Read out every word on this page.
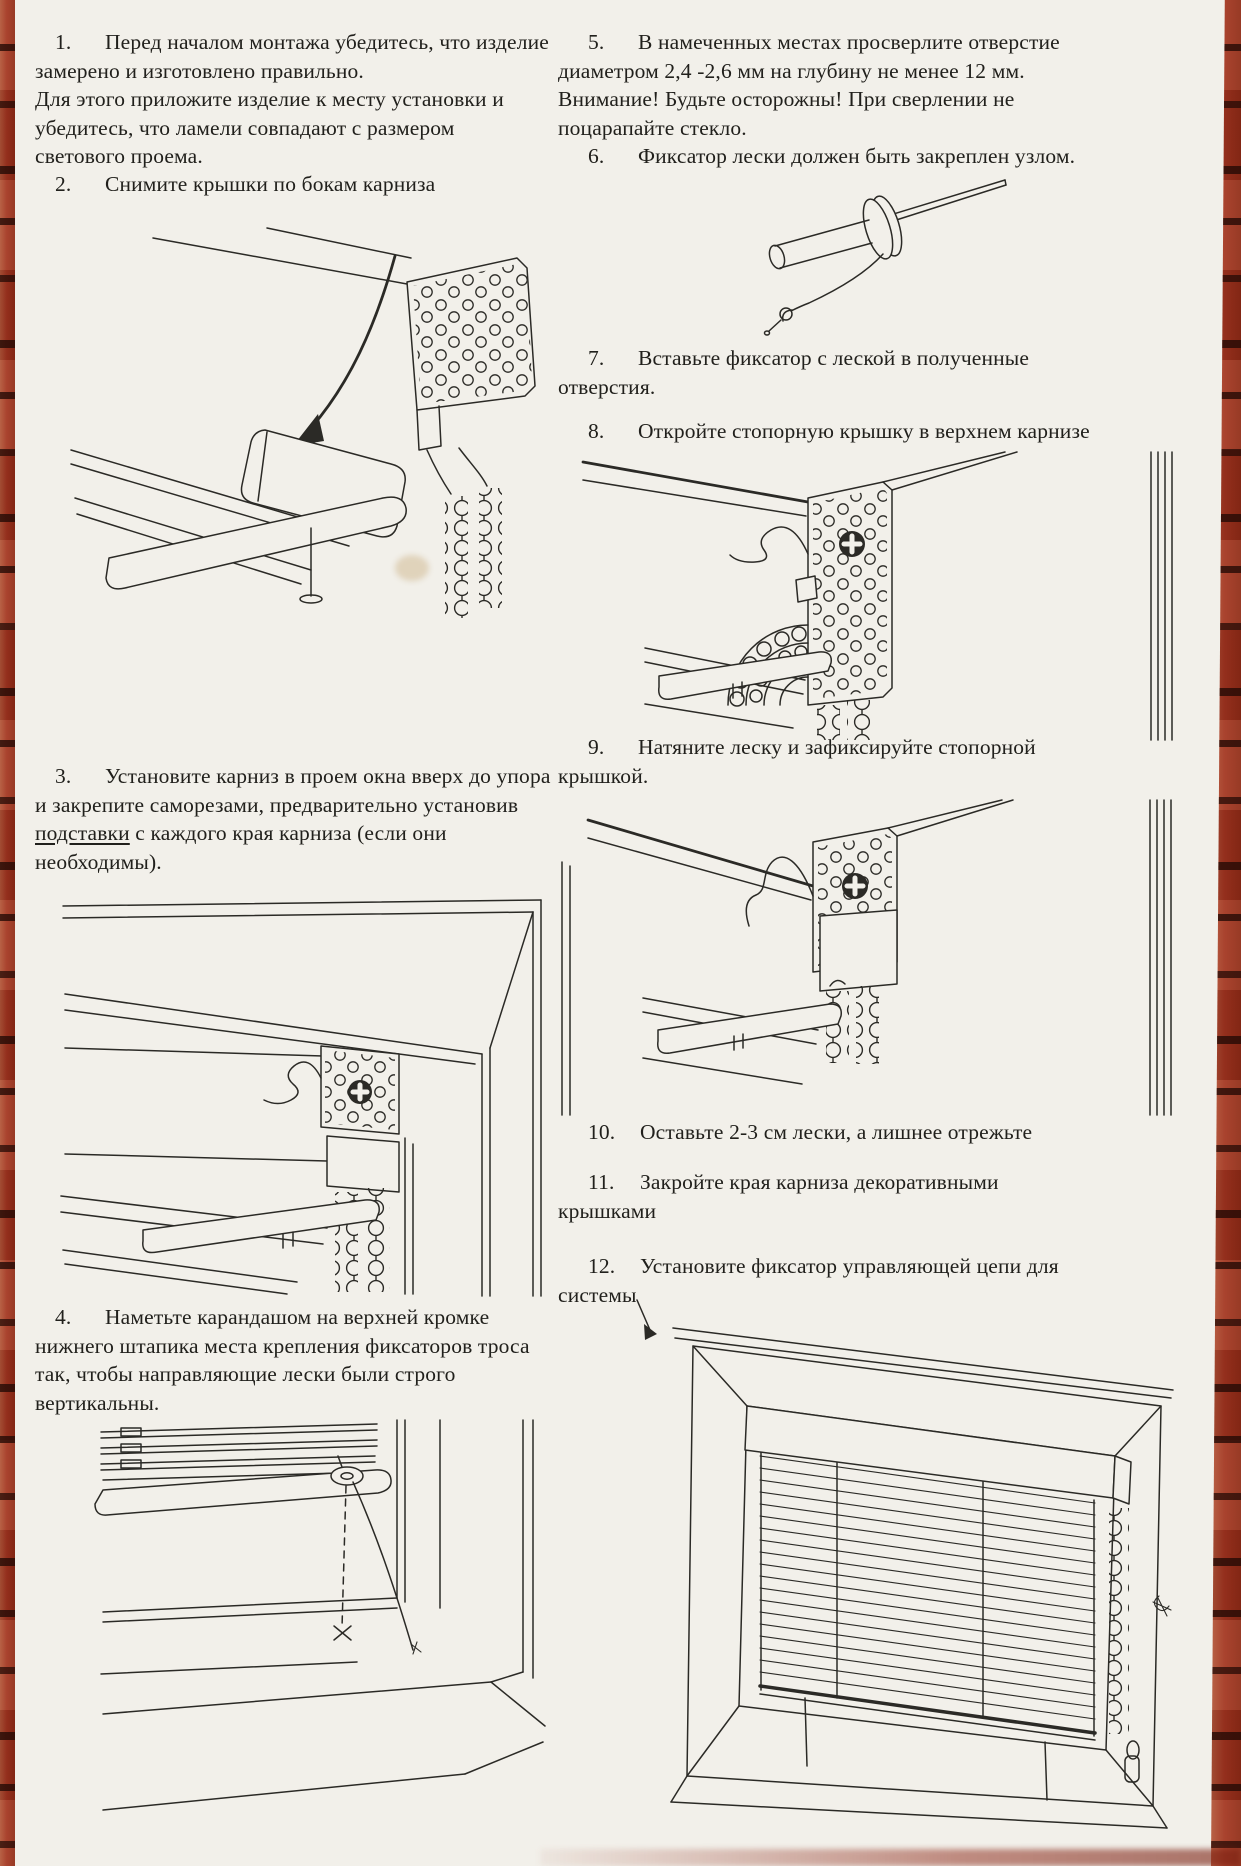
1. Перед началом монтажа убедитесь, что изделие
замерено и изготовлено правильно.
Для этого приложите изделие к месту установки и
убедитесь, что ламели совпадают с размером
светового проема.
2. Снимите крышки по бокам карниза
3. Установите карниз в проем окна вверх до упора
и закрепите саморезами, предварительно установив
подставки с каждого края карниза (если они
необходимы).
4. Наметьте карандашом на верхней кромке
нижнего штапика места крепления фиксаторов троса
так, чтобы направляющие лески были строго
вертикальны.
5. В намеченных местах просверлите отверстие
диаметром 2,4 -2,6 мм на глубину не менее 12 мм.
Внимание! Будьте осторожны! При сверлении не
поцарапайте стекло.
6. Фиксатор лески должен быть закреплен узлом.
7. Вставьте фиксатор с леской в полученные
отверстия.
8. Откройте стопорную крышку в верхнем карнизе
9. Натяните леску и зафиксируйте стопорной
крышкой.
10. Оставьте 2-3 см лески, а лишнее отрежьте
11. Закройте края карниза декоративными
крышками
12. Установите фиксатор управляющей цепи для
системы
